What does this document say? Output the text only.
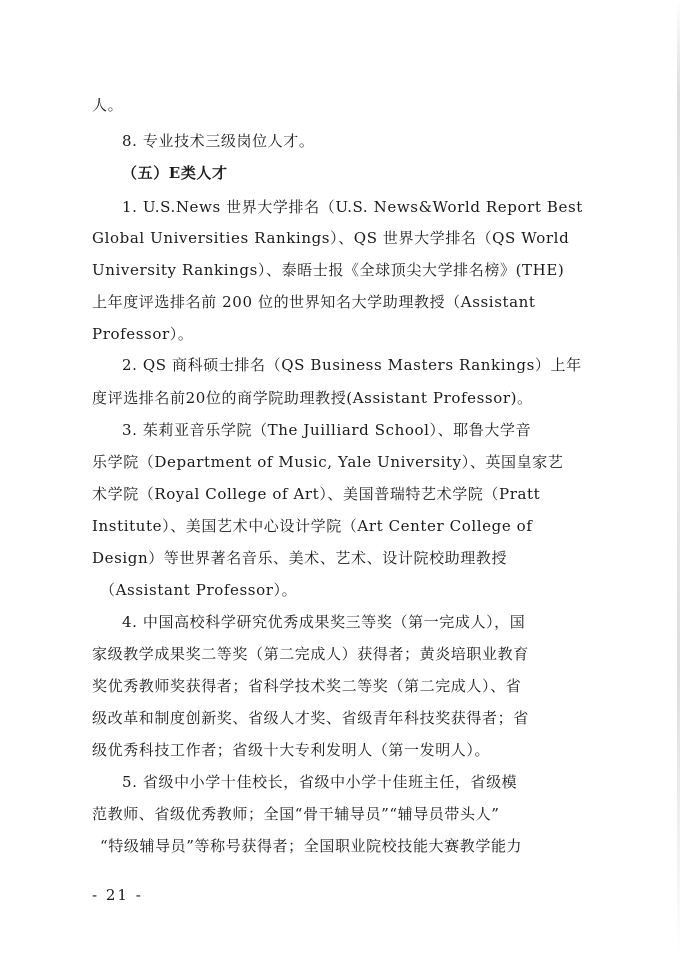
人。
8. 专业技术三级岗位人才。
（五）E类人才
1. U.S.News 世界大学排名（U.S. News&World Report Best
Global Universities Rankings）、QS 世界大学排名（QS World
University Rankings）、泰晤士报《全球顶尖大学排名榜》(THE)
上年度评选排名前 200 位的世界知名大学助理教授（Assistant
Professor）。
2. QS 商科硕士排名（QS Business Masters Rankings）上年
度评选排名前20位的商学院助理教授(Assistant Professor)。
3. 茱莉亚音乐学院（The Juilliard School）、耶鲁大学音
乐学院（Department of Music, Yale University）、英国皇家艺
术学院（Royal College of Art）、美国普瑞特艺术学院（Pratt
Institute）、美国艺术中心设计学院（Art Center College of
Design）等世界著名音乐、美术、艺术、设计院校助理教授
（Assistant Professor）。
4. 中国高校科学研究优秀成果奖三等奖（第一完成人），国
家级教学成果奖二等奖（第二完成人）获得者；黄炎培职业教育
奖优秀教师奖获得者；省科学技术奖二等奖（第二完成人）、省
级改革和制度创新奖、省级人才奖、省级青年科技奖获得者；省
级优秀科技工作者；省级十大专利发明人（第一发明人）。
5. 省级中小学十佳校长，省级中小学十佳班主任，省级模
范教师、省级优秀教师；全国“骨干辅导员”“辅导员带头人”
“特级辅导员”等称号获得者；全国职业院校技能大赛教学能力
- 21 -
